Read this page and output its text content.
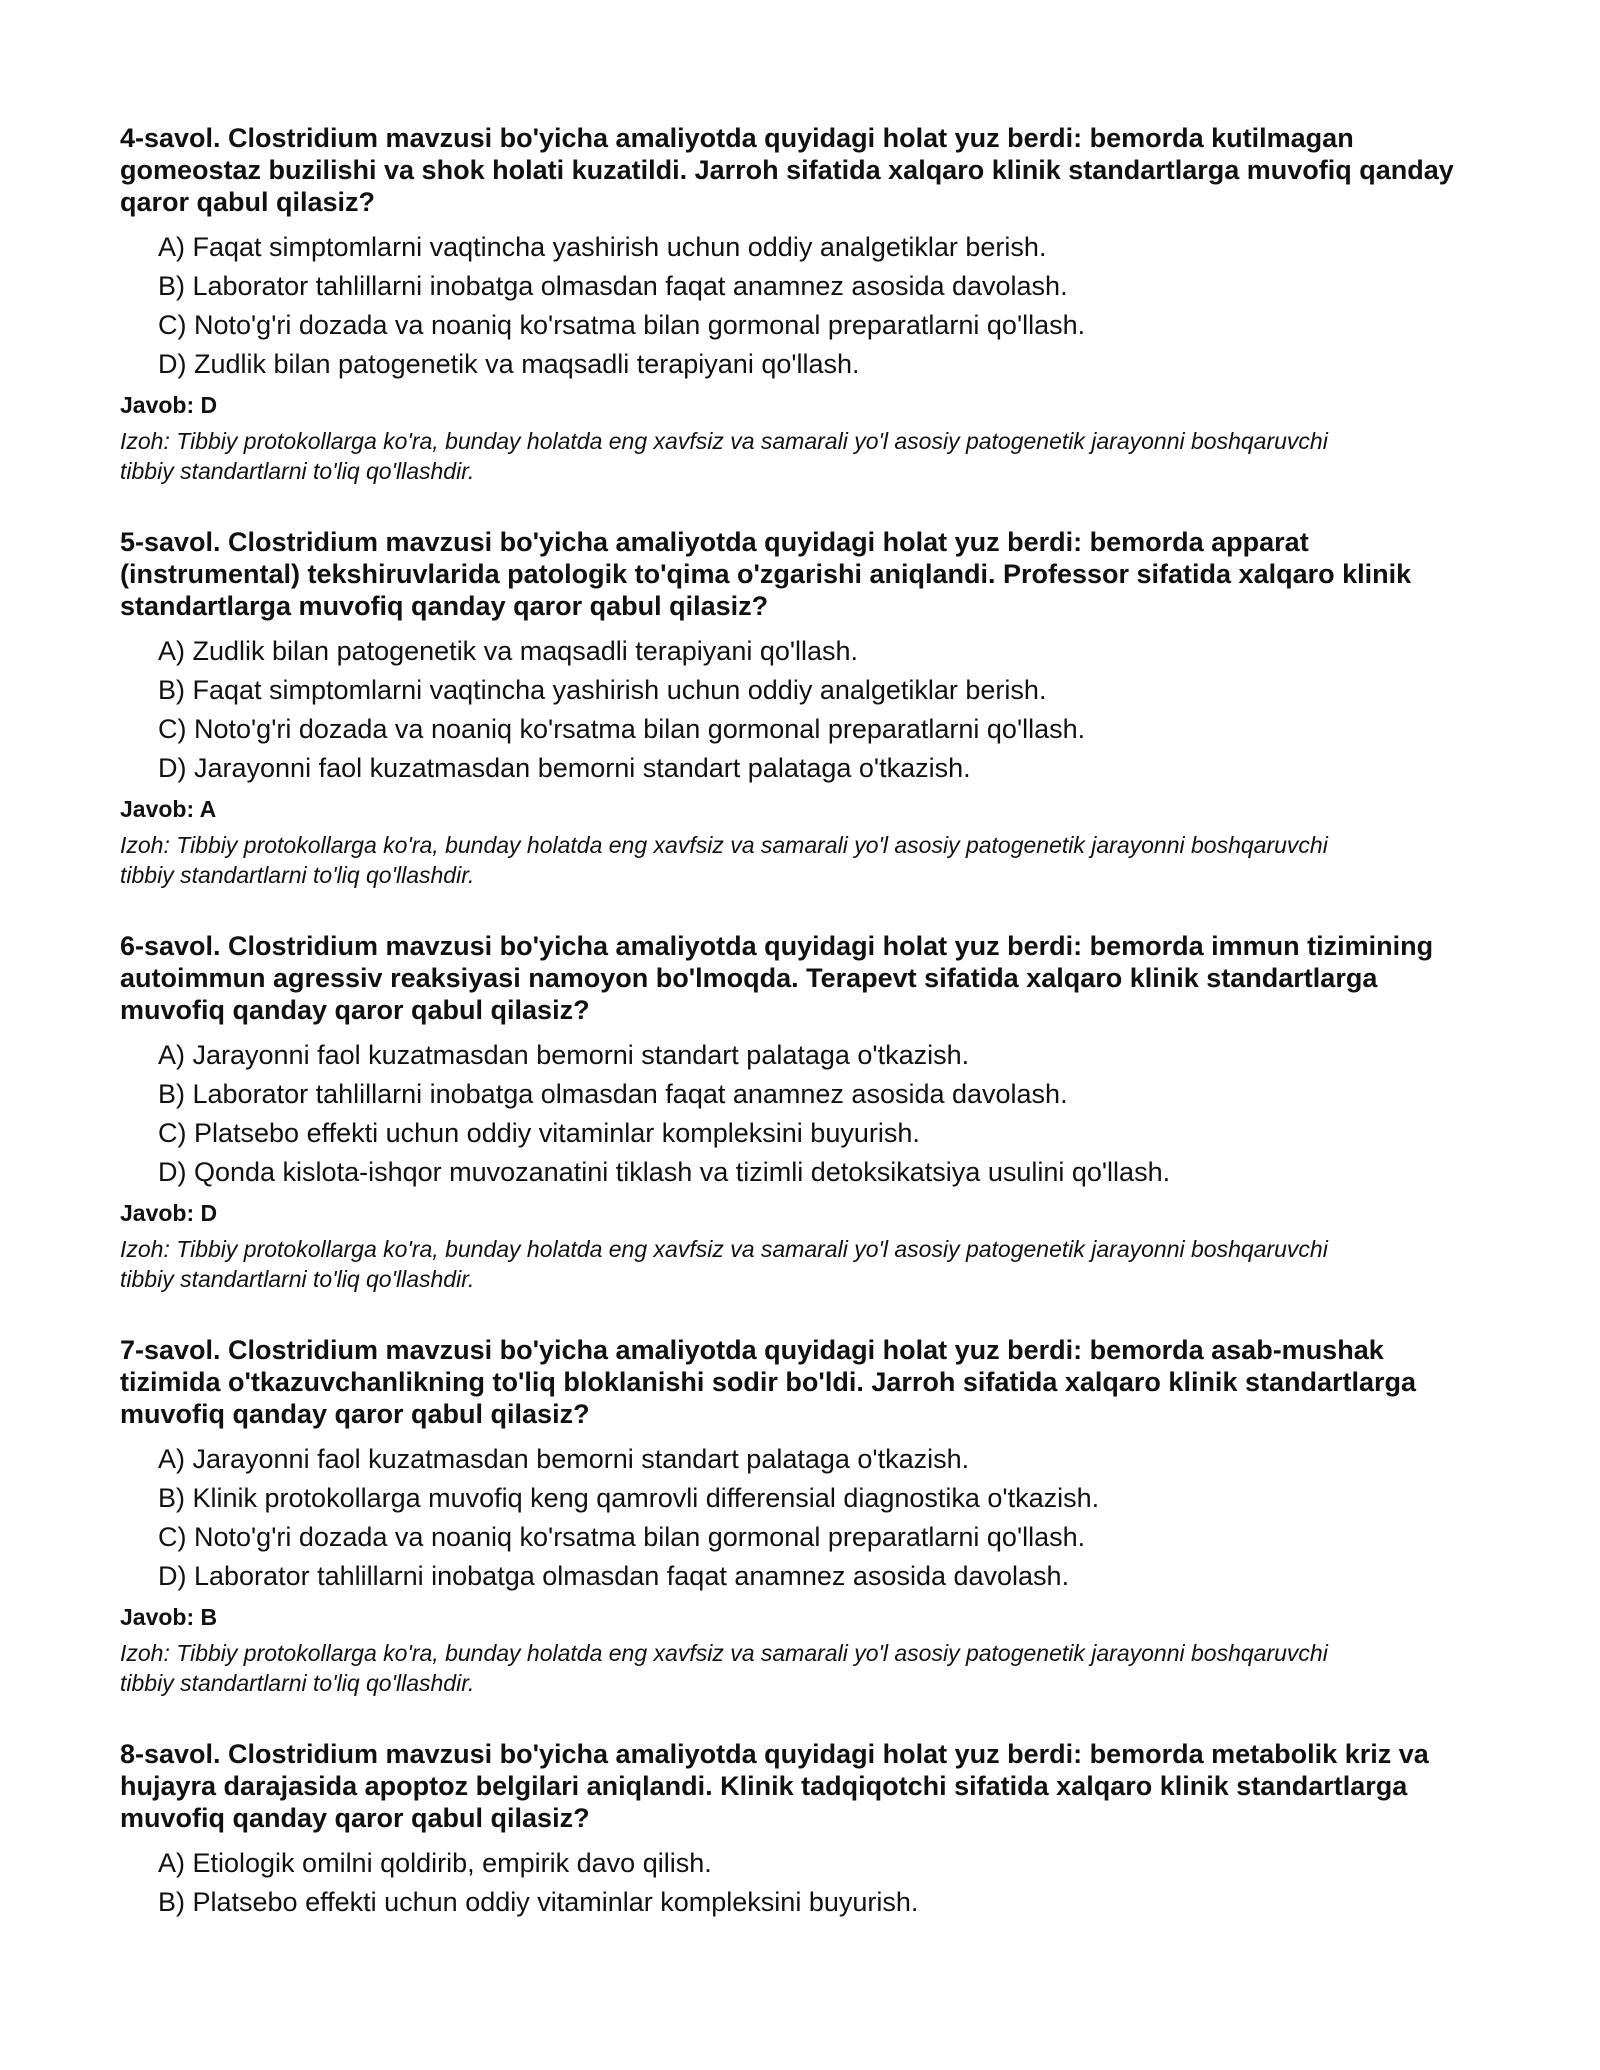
4-savol. Clostridium mavzusi bo'yicha amaliyotda quyidagi holat yuz berdi: bemorda kutilmagan gomeostaz buzilishi va shok holati kuzatildi. Jarroh sifatida xalqaro klinik standartlarga muvofiq qanday qaror qabul qilasiz?
A) Faqat simptomlarni vaqtincha yashirish uchun oddiy analgetiklar berish.
B) Laborator tahlillarni inobatga olmasdan faqat anamnez asosida davolash.
C) Noto'g'ri dozada va noaniq ko'rsatma bilan gormonal preparatlarni qo'llash.
D) Zudlik bilan patogenetik va maqsadli terapiyani qo'llash.
Javob: D
Izoh: Tibbiy protokollarga ko'ra, bunday holatda eng xavfsiz va samarali yo'l asosiy patogenetik jarayonni boshqaruvchi tibbiy standartlarni to'liq qo'llashdir.
5-savol. Clostridium mavzusi bo'yicha amaliyotda quyidagi holat yuz berdi: bemorda apparat (instrumental) tekshiruvlarida patologik to'qima o'zgarishi aniqlandi. Professor sifatida xalqaro klinik standartlarga muvofiq qanday qaror qabul qilasiz?
A) Zudlik bilan patogenetik va maqsadli terapiyani qo'llash.
B) Faqat simptomlarni vaqtincha yashirish uchun oddiy analgetiklar berish.
C) Noto'g'ri dozada va noaniq ko'rsatma bilan gormonal preparatlarni qo'llash.
D) Jarayonni faol kuzatmasdan bemorni standart palataga o'tkazish.
Javob: A
Izoh: Tibbiy protokollarga ko'ra, bunday holatda eng xavfsiz va samarali yo'l asosiy patogenetik jarayonni boshqaruvchi tibbiy standartlarni to'liq qo'llashdir.
6-savol. Clostridium mavzusi bo'yicha amaliyotda quyidagi holat yuz berdi: bemorda immun tizimining autoimmun agressiv reaksiyasi namoyon bo'lmoqda. Terapevt sifatida xalqaro klinik standartlarga muvofiq qanday qaror qabul qilasiz?
A) Jarayonni faol kuzatmasdan bemorni standart palataga o'tkazish.
B) Laborator tahlillarni inobatga olmasdan faqat anamnez asosida davolash.
C) Platsebo effekti uchun oddiy vitaminlar kompleksini buyurish.
D) Qonda kislota-ishqor muvozanatini tiklash va tizimli detoksikatsiya usulini qo'llash.
Javob: D
Izoh: Tibbiy protokollarga ko'ra, bunday holatda eng xavfsiz va samarali yo'l asosiy patogenetik jarayonni boshqaruvchi tibbiy standartlarni to'liq qo'llashdir.
7-savol. Clostridium mavzusi bo'yicha amaliyotda quyidagi holat yuz berdi: bemorda asab-mushak tizimida o'tkazuvchanlikning to'liq bloklanishi sodir bo'ldi. Jarroh sifatida xalqaro klinik standartlarga muvofiq qanday qaror qabul qilasiz?
A) Jarayonni faol kuzatmasdan bemorni standart palataga o'tkazish.
B) Klinik protokollarga muvofiq keng qamrovli differensial diagnostika o'tkazish.
C) Noto'g'ri dozada va noaniq ko'rsatma bilan gormonal preparatlarni qo'llash.
D) Laborator tahlillarni inobatga olmasdan faqat anamnez asosida davolash.
Javob: B
Izoh: Tibbiy protokollarga ko'ra, bunday holatda eng xavfsiz va samarali yo'l asosiy patogenetik jarayonni boshqaruvchi tibbiy standartlarni to'liq qo'llashdir.
8-savol. Clostridium mavzusi bo'yicha amaliyotda quyidagi holat yuz berdi: bemorda metabolik kriz va hujayra darajasida apoptoz belgilari aniqlandi. Klinik tadqiqotchi sifatida xalqaro klinik standartlarga muvofiq qanday qaror qabul qilasiz?
A) Etiologik omilni qoldirib, empirik davo qilish.
B) Platsebo effekti uchun oddiy vitaminlar kompleksini buyurish.
